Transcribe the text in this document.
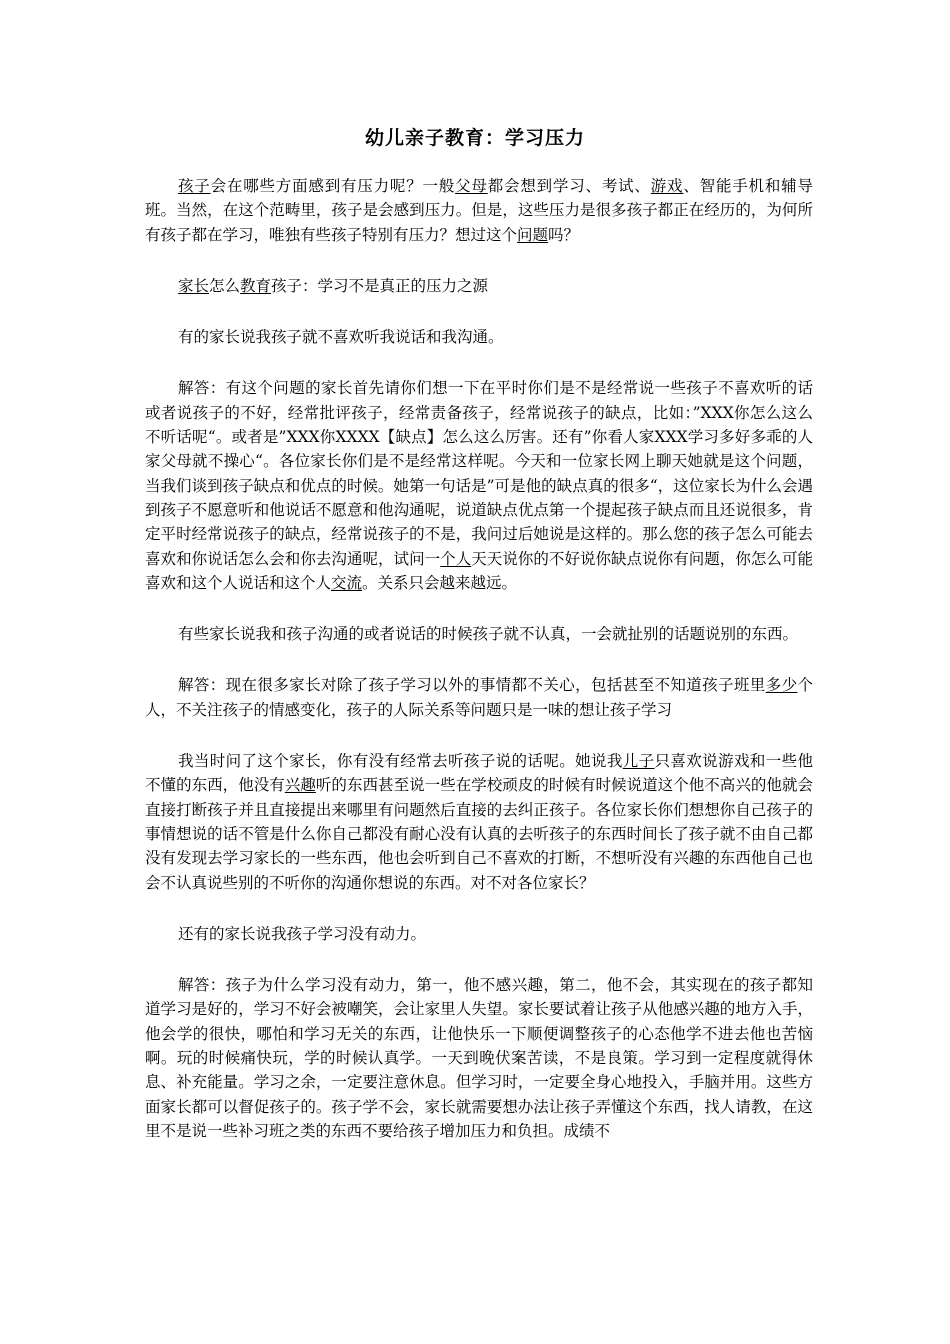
幼儿亲子教育：学习压力

孩子会在哪些方面感到有压力呢？一般父母都会想到学习、考试、游戏、智能手机和辅导班。当然，在这个范畴里，孩子是会感到压力。但是，这些压力是很多孩子都正在经历的，为何所有孩子都在学习，唯独有些孩子特别有压力？想过这个问题吗？

家长怎么教育孩子：学习不是真正的压力之源

有的家长说我孩子就不喜欢听我说话和我沟通。

解答：有这个问题的家长首先请你们想一下在平时你们是不是经常说一些孩子不喜欢听的话或者说孩子的不好，经常批评孩子，经常责备孩子，经常说孩子的缺点，比如：”XXX你怎么这么不听话呢“。或者是”XXX你XXXX【缺点】怎么这么厉害。还有”你看人家XXX学习多好多乖的人家父母就不操心“。各位家长你们是不是经常这样呢。今天和一位家长网上聊天她就是这个问题，当我们谈到孩子缺点和优点的时候。她第一句话是”可是他的缺点真的很多“，这位家长为什么会遇到孩子不愿意听和他说话不愿意和他沟通呢，说道缺点优点第一个提起孩子缺点而且还说很多，肯定平时经常说孩子的缺点，经常说孩子的不是，我问过后她说是这样的。那么您的孩子怎么可能去喜欢和你说话怎么会和你去沟通呢，试问一个人天天说你的不好说你缺点说你有问题，你怎么可能喜欢和这个人说话和这个人交流。关系只会越来越远。

有些家长说我和孩子沟通的或者说话的时候孩子就不认真，一会就扯别的话题说别的东西。

解答：现在很多家长对除了孩子学习以外的事情都不关心，包括甚至不知道孩子班里多少个人，不关注孩子的情感变化，孩子的人际关系等问题只是一味的想让孩子学习

我当时问了这个家长，你有没有经常去听孩子说的话呢。她说我儿子只喜欢说游戏和一些他不懂的东西，他没有兴趣听的东西甚至说一些在学校顽皮的时候有时候说道这个他不高兴的他就会直接打断孩子并且直接提出来哪里有问题然后直接的去纠正孩子。各位家长你们想想你自己孩子的事情想说的话不管是什么你自己都没有耐心没有认真的去听孩子的东西时间长了孩子就不由自己都没有发现去学习家长的一些东西，他也会听到自己不喜欢的打断，不想听没有兴趣的东西他自己也会不认真说些别的不听你的沟通你想说的东西。对不对各位家长？

还有的家长说我孩子学习没有动力。

解答：孩子为什么学习没有动力，第一，他不感兴趣，第二，他不会，其实现在的孩子都知道学习是好的，学习不好会被嘲笑，会让家里人失望。家长要试着让孩子从他感兴趣的地方入手，他会学的很快，哪怕和学习无关的东西，让他快乐一下顺便调整孩子的心态他学不进去他也苦恼啊。玩的时候痛快玩，学的时候认真学。一天到晚伏案苦读，不是良策。学习到一定程度就得休息、补充能量。学习之余，一定要注意休息。但学习时，一定要全身心地投入，手脑并用。这些方面家长都可以督促孩子的。孩子学不会，家长就需要想办法让孩子弄懂这个东西，找人请教，在这里不是说一些补习班之类的东西不要给孩子增加压力和负担。成绩不
